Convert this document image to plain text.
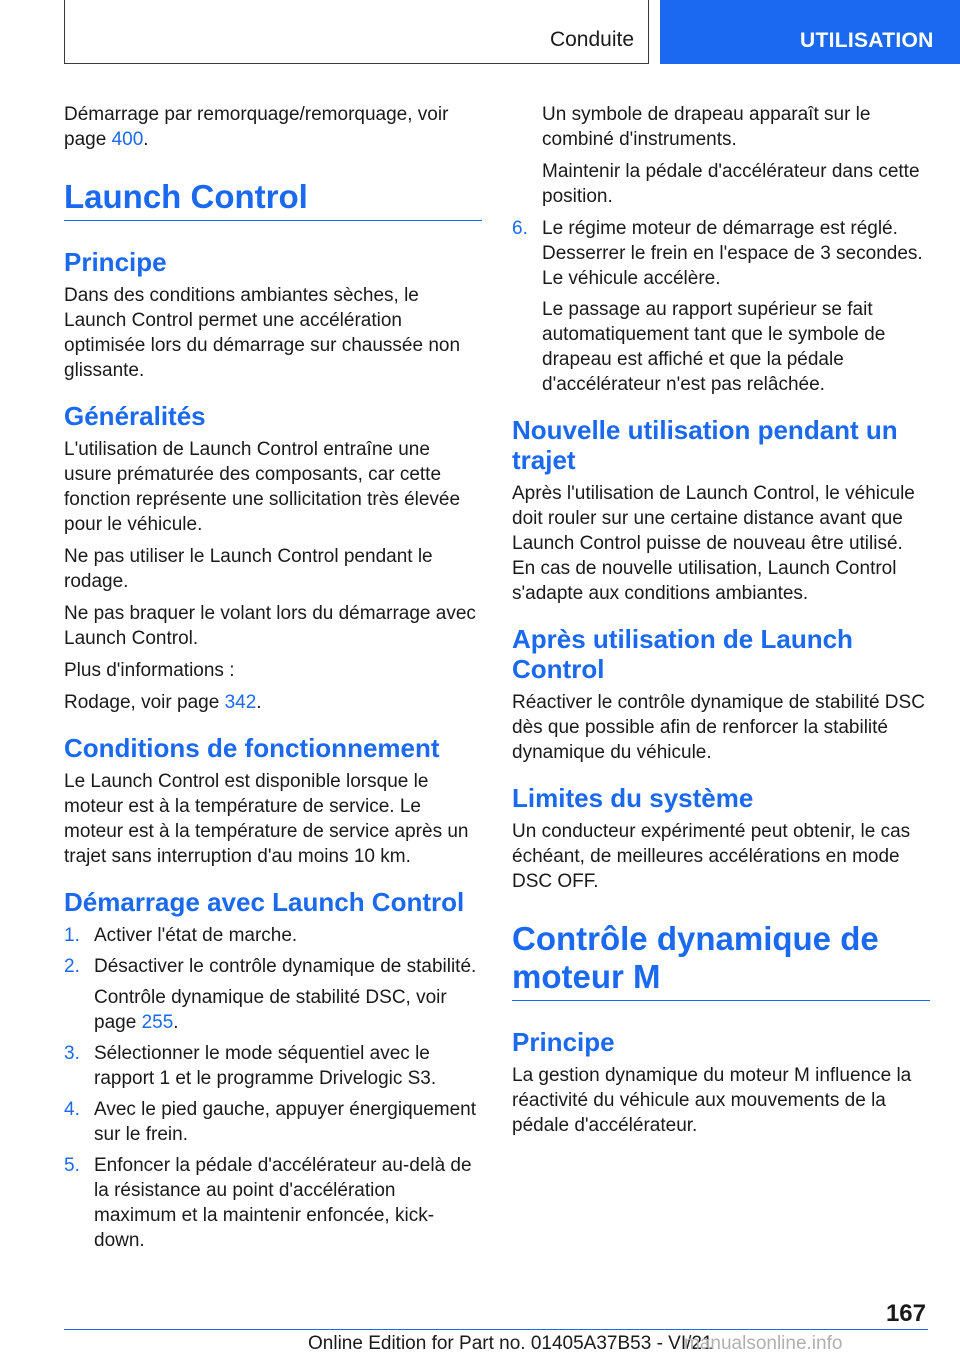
Conduite	UTILISATION

Démarrage par remorquage/remorquage, voir
page 400.

Launch Control
Principe

Dans des conditions ambiantes sèches, le Launch Control permet une accélération optimisée lors du démarrage sur chaussée non glissante.

Généralités

L'utilisation de Launch Control entraîne une usure prématurée des composants, car cette fonction représente une sollicitation très élevée pour le véhicule.

Ne pas utiliser le Launch Control pendant le rodage.

Ne pas braquer le volant lors du démarrage avec Launch Control.

Plus d'informations :

Rodage, voir page 342.

Conditions de fonctionnement

Le Launch Control est disponible lorsque le moteur est à la température de service. Le moteur est à la température de service après un trajet sans interruption d'au moins 10 km.

Démarrage avec Launch Control
1. Activer l'état de marche.

2. Désactiver le contrôle dynamique de stabilité.

Contrôle dynamique de stabilité DSC, voir page 255.

3. Sélectionner le mode séquentiel avec le rapport 1 et le programme Drivelogic S3.

4. Avec le pied gauche, appuyer énergiquement sur le frein.

5. Enfoncer la pédale d'accélérateur au-delà de la résistance au point d'accélération maximum et la maintenir enfoncée, kick-down.

Un symbole de drapeau apparaît sur le combiné d'instruments.

Maintenir la pédale d'accélérateur dans cette position.

6. Le régime moteur de démarrage est réglé. Desserrer le frein en l'espace de 3 secondes. Le véhicule accélère.

Le passage au rapport supérieur se fait automatiquement tant que le symbole de drapeau est affiché et que la pédale d'accélérateur n'est pas relâchée.

Nouvelle utilisation pendant un trajet

Après l'utilisation de Launch Control, le véhicule doit rouler sur une certaine distance avant que Launch Control puisse de nouveau être utilisé. En cas de nouvelle utilisation, Launch Control s'adapte aux conditions ambiantes.

Après utilisation de Launch Control

Réactiver le contrôle dynamique de stabilité DSC dès que possible afin de renforcer la stabilité dynamique du véhicule.

Limites du système

Un conducteur expérimenté peut obtenir, le cas échéant, de meilleures accélérations en mode DSC OFF.

Contrôle dynamique de moteur M
Principe

La gestion dynamique du moteur M influence la réactivité du véhicule aux mouvements de la pédale d'accélérateur.

167
Online Edition for Part no. 01405A37B53 - VI/21
manualsonline.info
